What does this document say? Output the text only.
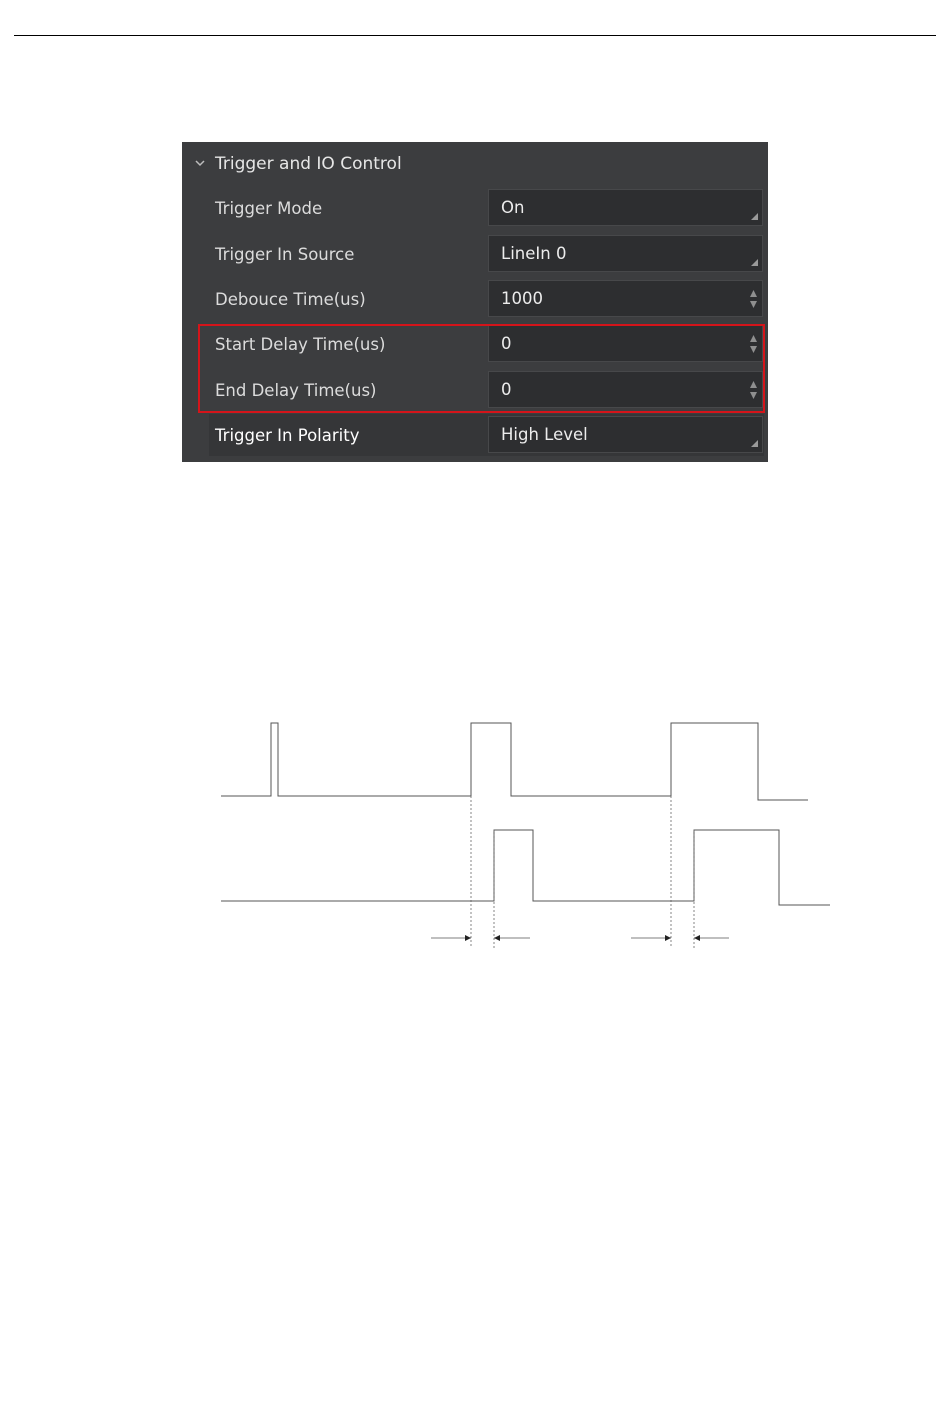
Trigger and IO Control
Trigger Mode	On
Trigger In Source	LineIn 0
Debouce Time(us)	1000
Start Delay Time(us)	0
End Delay Time(us)	0
Trigger In Polarity	High Level
